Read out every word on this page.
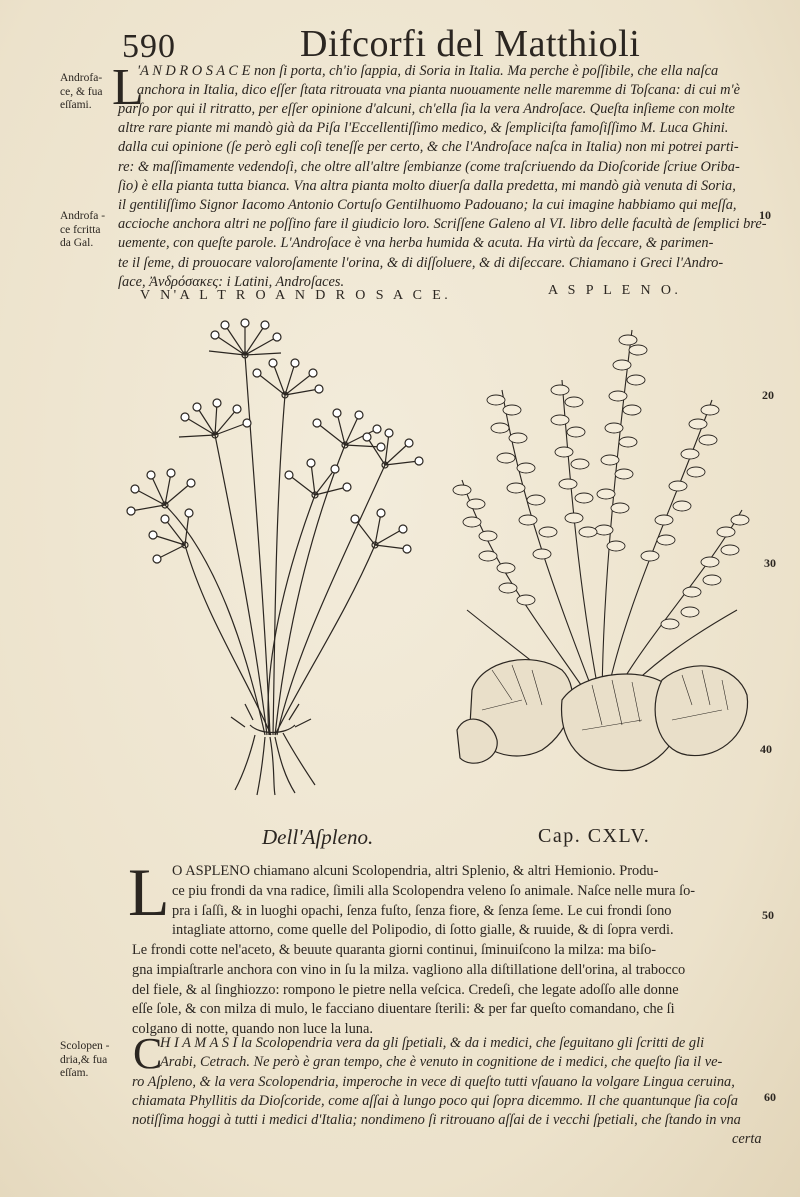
590	Difcorfi del Matthioli
Androfa-
ce, & fua
eſſami.
Androfa -
ce fcritta
da Gal.
Scolopen -
dria,& fua
eſſam.
10
20
30
40
50
60
L
'A N D R O S A C E non ſi porta, ch'io ſappia, di Soria in Italia. Ma perche è poſſibile, che ella naſca
anchora in Italia, dico eſſer ſtata ritrouata vna pianta nuouamente nelle maremme di Toſcana: di cui m'è
parſo por qui il ritratto, per eſſer opinione d'alcuni, ch'ella ſia la vera Androſace. Queſta inſieme con molte
altre rare piante mi mandò già da Piſa l'Eccellentiſſimo medico, & ſempliciſta famoſiſſimo M. Luca Ghini.
dalla cui opinione (ſe però egli coſi teneſſe per certo, & che l'Androſace naſca in Italia) non mi potrei parti-
re: & maſſimamente vedendoſi, che oltre all'altre ſembianze (come traſcriuendo da Dioſcoride ſcriue Oriba-
ſio) è ella pianta tutta bianca. Vna altra pianta molto diuerſa dalla predetta, mi mandò già venuta di Soria,
il gentiliſſimo Signor Iacomo Antonio Cortuſo Gentilhuomo Padouano; la cui imagine habbiamo qui meſſa,
accioche anchora altri ne poſſino fare il giudicio loro. Scriſſene Galeno al VI. libro delle facultà de ſemplici bre-
uemente, con queſte parole. L'Androſace è vna herba humida & acuta. Ha virtù da ſeccare, & parimen-
te il ſeme, di prouocare valoroſamente l'orina, & di diſſoluere, & di diſeccare. Chiamano i Greci l'Andro-
ſace, Ἀνδρόσακες: i Latini, Androſaces.
V N'A L T R O A N D R O S A C E.	A S P L E N O.
Dell'Aſpleno.	Cap. CXLV.
L O ASPLENO chiamano alcuni Scolopendria, altri Splenio, & altri Hemionio. Produ-
ce piu frondi da vna radice, ſimili alla Scolopendra veleno ſo animale. Naſce nelle mura ſo-
pra i ſaſſi, & in luoghi opachi, ſenza fuſto, ſenza fiore, & ſenza ſeme. Le cui frondi ſono
intagliate attorno, come quelle del Polipodio, di ſotto gialle, & ruuide, & di ſopra verdi.
Le frondi cotte nel'aceto, & beuute quaranta giorni continui, ſminuiſcono la milza: ma biſo-
gna impiaſtrarle anchora con vino in ſu la milza. vagliono alla diſtillatione dell'orina, al trabocco
del fiele, & al ſinghiozzo: rompono le pietre nella veſcica. Credeſi, che legate adoſſo alle donne
eſſe ſole, & con milza di mulo, le facciano diuentare ſterili: & per far queſto comandano, che ſi
colgano di notte, quando non luce la luna.
C
H I A M A S I la Scolopendria vera da gli ſpetiali, & da i medici, che ſeguitano gli ſcritti de gli
Arabi, Cetrach. Ne però è gran tempo, che è venuto in cognitione de i medici, che queſto ſia il ve-
ro Aſpleno, & la vera Scolopendria, imperoche in vece di queſto tutti vſauano la volgare Lingua ceruina,
chiamata Phyllitis da Dioſcoride, come aſſai à lungo poco qui ſopra dicemmo. Il che quantunque ſia coſa
notiſſima hoggi à tutti i medici d'Italia; nondimeno ſi ritrouano aſſai de i vecchi ſpetiali, che ſtando in vna
certa
